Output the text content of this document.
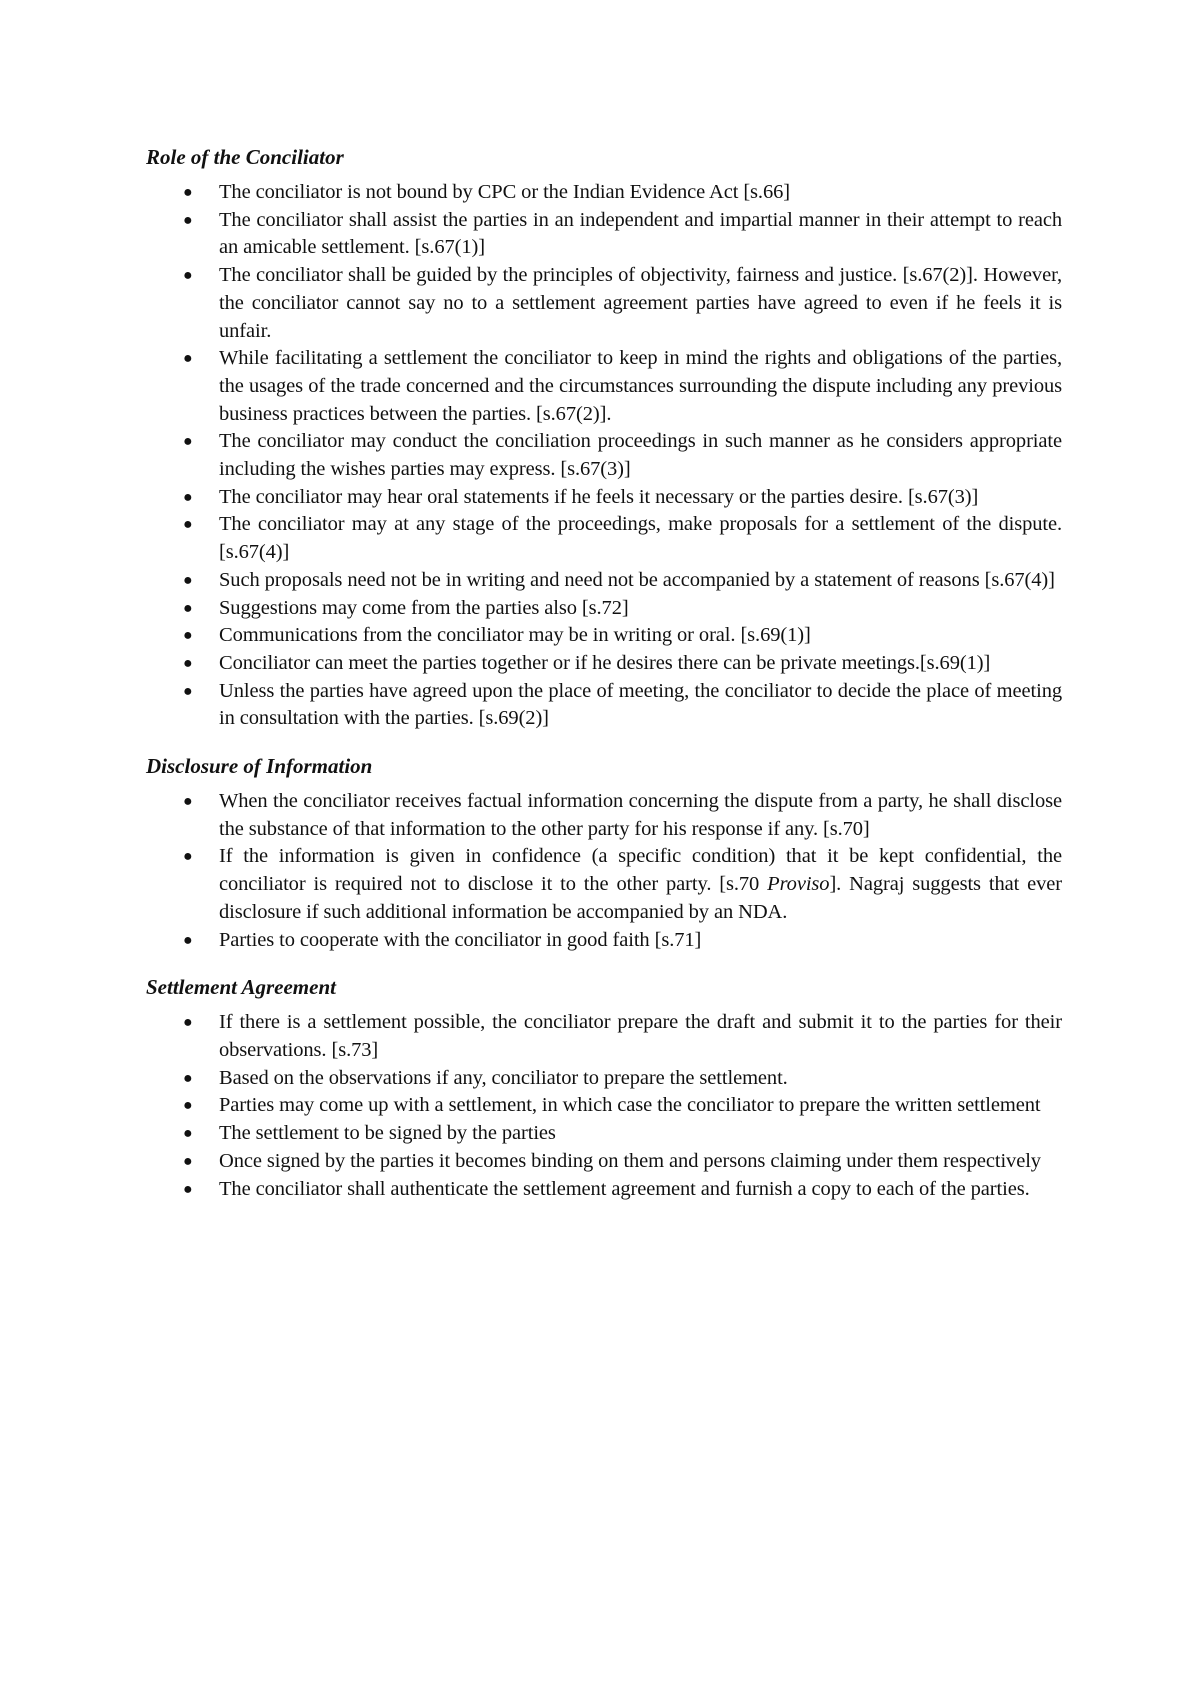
Role of the Conciliator
● The conciliator is not bound by CPC or the Indian Evidence Act [s.66]
● The conciliator shall assist the parties in an independent and impartial manner in their attempt to reach an amicable settlement. [s.67(1)]
● The conciliator shall be guided by the principles of objectivity, fairness and justice. [s.67(2)]. However, the conciliator cannot say no to a settlement agreement parties have agreed to even if he feels it is unfair.
● While facilitating a settlement the conciliator to keep in mind the rights and obligations of the parties, the usages of the trade concerned and the circumstances surrounding the dispute including any previous business practices between the parties. [s.67(2)].
● The conciliator may conduct the conciliation proceedings in such manner as he considers appropriate including the wishes parties may express. [s.67(3)]
● The conciliator may hear oral statements if he feels it necessary or the parties desire. [s.67(3)]
● The conciliator may at any stage of the proceedings, make proposals for a settlement of the dispute. [s.67(4)]
● Such proposals need not be in writing and need not be accompanied by a statement of reasons [s.67(4)]
● Suggestions may come from the parties also [s.72]
● Communications from the conciliator may be in writing or oral. [s.69(1)]
● Conciliator can meet the parties together or if he desires there can be private meetings.[s.69(1)]
● Unless the parties have agreed upon the place of meeting, the conciliator to decide the place of meeting in consultation with the parties. [s.69(2)]
Disclosure of Information
● When the conciliator receives factual information concerning the dispute from a party, he shall disclose the substance of that information to the other party for his response if any. [s.70]
● If the information is given in confidence (a specific condition) that it be kept confidential, the conciliator is required not to disclose it to the other party. [s.70 Proviso]. Nagraj suggests that ever disclosure if such additional information be accompanied by an NDA.
● Parties to cooperate with the conciliator in good faith [s.71]
Settlement Agreement
● If there is a settlement possible, the conciliator prepare the draft and submit it to the parties for their observations. [s.73]
● Based on the observations if any, conciliator to prepare the settlement.
● Parties may come up with a settlement, in which case the conciliator to prepare the written settlement
● The settlement to be signed by the parties
● Once signed by the parties it becomes binding on them and persons claiming under them respectively
● The conciliator shall authenticate the settlement agreement and furnish a copy to each of the parties.
